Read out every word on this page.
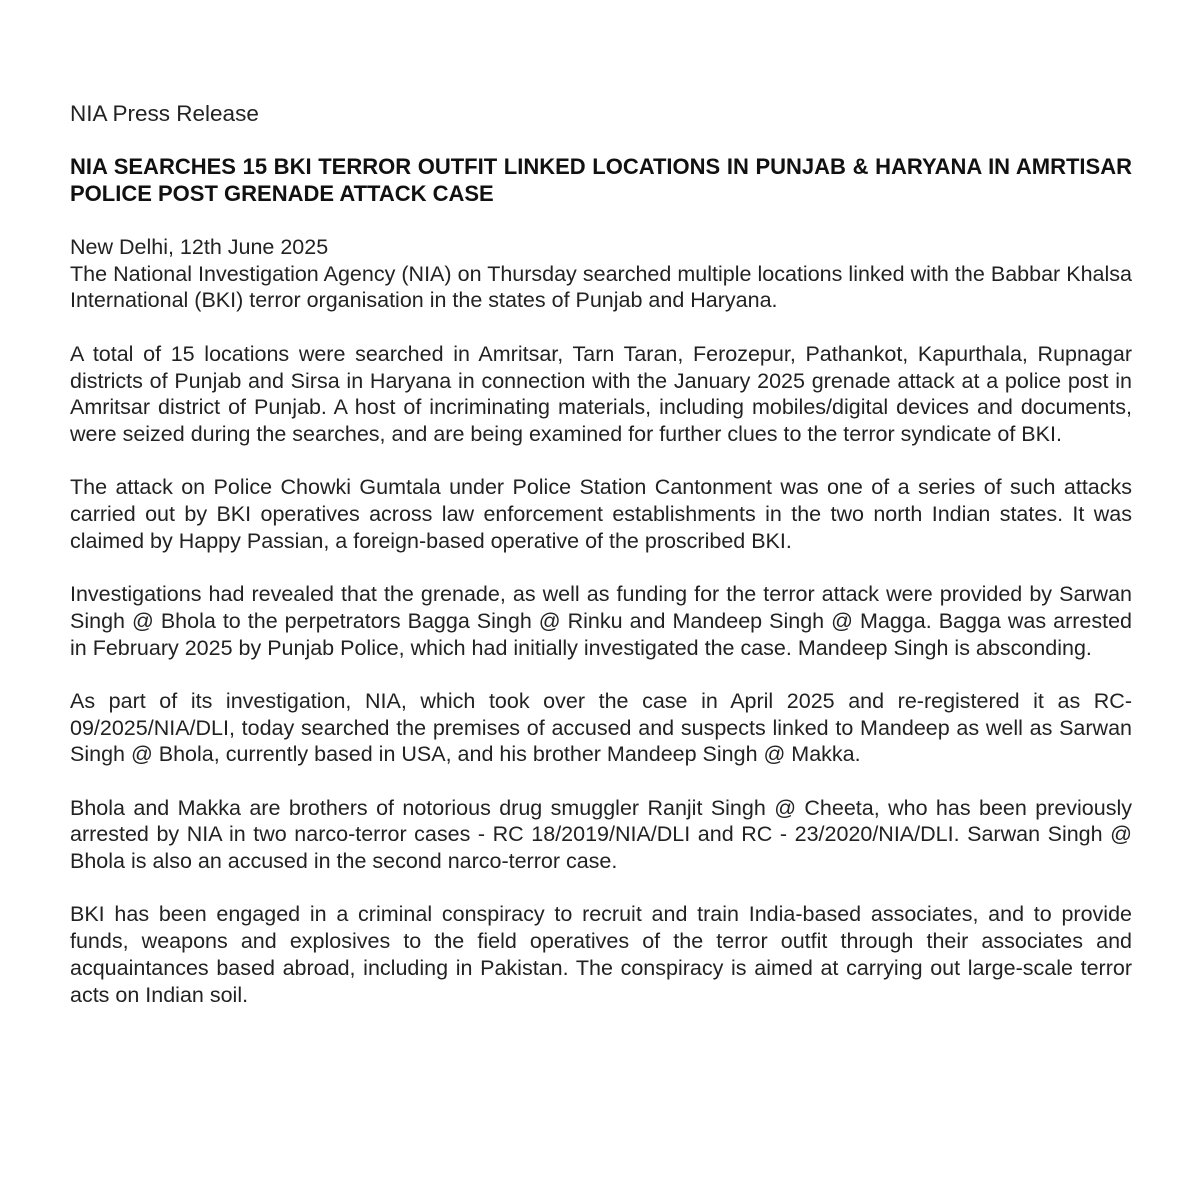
NIA Press Release
NIA SEARCHES 15 BKI TERROR OUTFIT LINKED LOCATIONS IN PUNJAB & HARYANA IN AMRTISAR POLICE POST GRENADE ATTACK CASE
New Delhi, 12th June 2025

The National Investigation Agency (NIA) on Thursday searched multiple locations linked with the Babbar Khalsa International (BKI) terror organisation in the states of Punjab and Haryana.

A total of 15 locations were searched in Amritsar, Tarn Taran, Ferozepur, Pathankot, Kapurthala, Rupnagar districts of Punjab and Sirsa in Haryana in connection with the January 2025 grenade attack at a police post in Amritsar district of Punjab. A host of incriminating materials, including mobiles/digital devices and documents, were seized during the searches, and are being examined for further clues to the terror syndicate of BKI.

The attack on Police Chowki Gumtala under Police Station Cantonment was one of a series of such attacks carried out by BKI operatives across law enforcement establishments in the two north Indian states. It was claimed by Happy Passian, a foreign-based operative of the proscribed BKI.

Investigations had revealed that the grenade, as well as funding for the terror attack were provided by Sarwan Singh @ Bhola to the perpetrators Bagga Singh @ Rinku and Mandeep Singh @ Magga. Bagga was arrested in February 2025 by Punjab Police, which had initially investigated the case. Mandeep Singh is absconding.

As part of its investigation, NIA, which took over the case in April 2025 and re-registered it as RC-09/2025/NIA/DLI, today searched the premises of accused and suspects linked to Mandeep as well as Sarwan Singh @ Bhola, currently based in USA, and his brother Mandeep Singh @ Makka.

Bhola and Makka are brothers of notorious drug smuggler Ranjit Singh @ Cheeta, who has been previously arrested by NIA in two narco-terror cases - RC 18/2019/NIA/DLI and RC - 23/2020/NIA/DLI. Sarwan Singh @ Bhola is also an accused in the second narco-terror case.

BKI has been engaged in a criminal conspiracy to recruit and train India-based associates, and to provide funds, weapons and explosives to the field operatives of the terror outfit through their associates and acquaintances based abroad, including in Pakistan. The conspiracy is aimed at carrying out large-scale terror acts on Indian soil.
